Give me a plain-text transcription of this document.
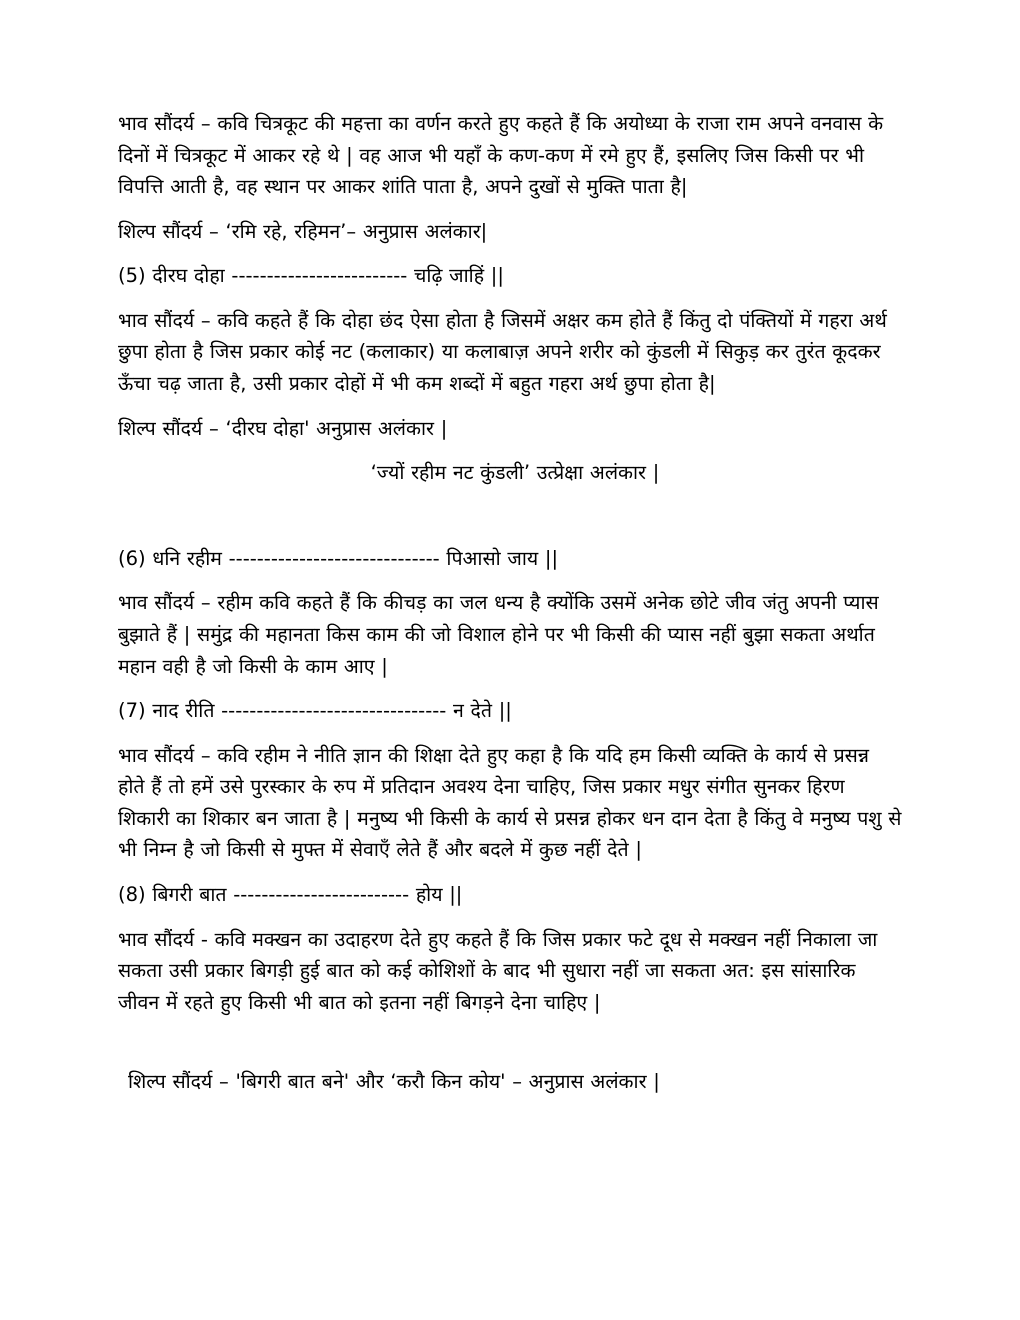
भाव सौंदर्य – कवि चित्रकूट की महत्ता का वर्णन करते हुए कहते हैं कि अयोध्या के राजा राम अपने वनवास के दिनों में चित्रकूट में आकर रहे थे | वह आज भी यहाँ के कण-कण में रमे हुए हैं, इसलिए जिस किसी पर भी विपत्ति आती है, वह स्थान पर आकर शांति पाता है, अपने दुखों से मुक्ति पाता है|

शिल्प सौंदर्य – ‘रमि रहे, रहिमन’– अनुप्रास अलंकार|

(5) दीरघ दोहा ------------------------- चढ़ि जाहिं ||

भाव सौंदर्य – कवि कहते हैं कि दोहा छंद ऐसा होता है जिसमें अक्षर कम होते हैं किंतु दो पंक्तियों में गहरा अर्थ छुपा होता है जिस प्रकार कोई नट (कलाकार) या कलाबाज़ अपने शरीर को कुंडली में सिकुड़ कर तुरंत कूदकर ऊँचा चढ़ जाता है, उसी प्रकार दोहों में भी कम शब्दों में बहुत गहरा अर्थ छुपा होता है|

शिल्प सौंदर्य – ‘दीरघ दोहा' अनुप्रास अलंकार |

‘ज्यों रहीम नट कुंडली’ उत्प्रेक्षा अलंकार |

(6) धनि रहीम ------------------------------ पिआसो जाय ||

भाव सौंदर्य – रहीम कवि कहते हैं कि कीचड़ का जल धन्य है क्योंकि उसमें अनेक छोटे जीव जंतु अपनी प्यास बुझाते हैं | समुंद्र की महानता किस काम की जो विशाल होने पर भी किसी की प्यास नहीं बुझा सकता अर्थात महान वही है जो किसी के काम आए |

(7) नाद रीति -------------------------------- न देते ||

भाव सौंदर्य – कवि रहीम ने नीति ज्ञान की शिक्षा देते हुए कहा है कि यदि हम किसी व्यक्ति के कार्य से प्रसन्न होते हैं तो हमें उसे पुरस्कार के रुप में प्रतिदान अवश्य देना चाहिए, जिस प्रकार मधुर संगीत सुनकर हिरण शिकारी का शिकार बन जाता है | मनुष्य भी किसी के कार्य से प्रसन्न होकर धन दान देता है किंतु वे मनुष्य पशु से भी निम्न है जो किसी से मुफ्त में सेवाएँ लेते हैं और बदले में कुछ नहीं देते |

(8) बिगरी बात ------------------------- होय ||

भाव सौंदर्य - कवि मक्खन का उदाहरण देते हुए कहते हैं कि जिस प्रकार फटे दूध से मक्खन नहीं निकाला जा सकता उसी प्रकार बिगड़ी हुई बात को कई कोशिशों के बाद भी सुधारा नहीं जा सकता अत: इस सांसारिक जीवन में रहते हुए किसी भी बात को इतना नहीं बिगड़ने देना चाहिए |

शिल्प सौंदर्य – 'बिगरी बात बने' और ‘करौ किन कोय' – अनुप्रास अलंकार |
